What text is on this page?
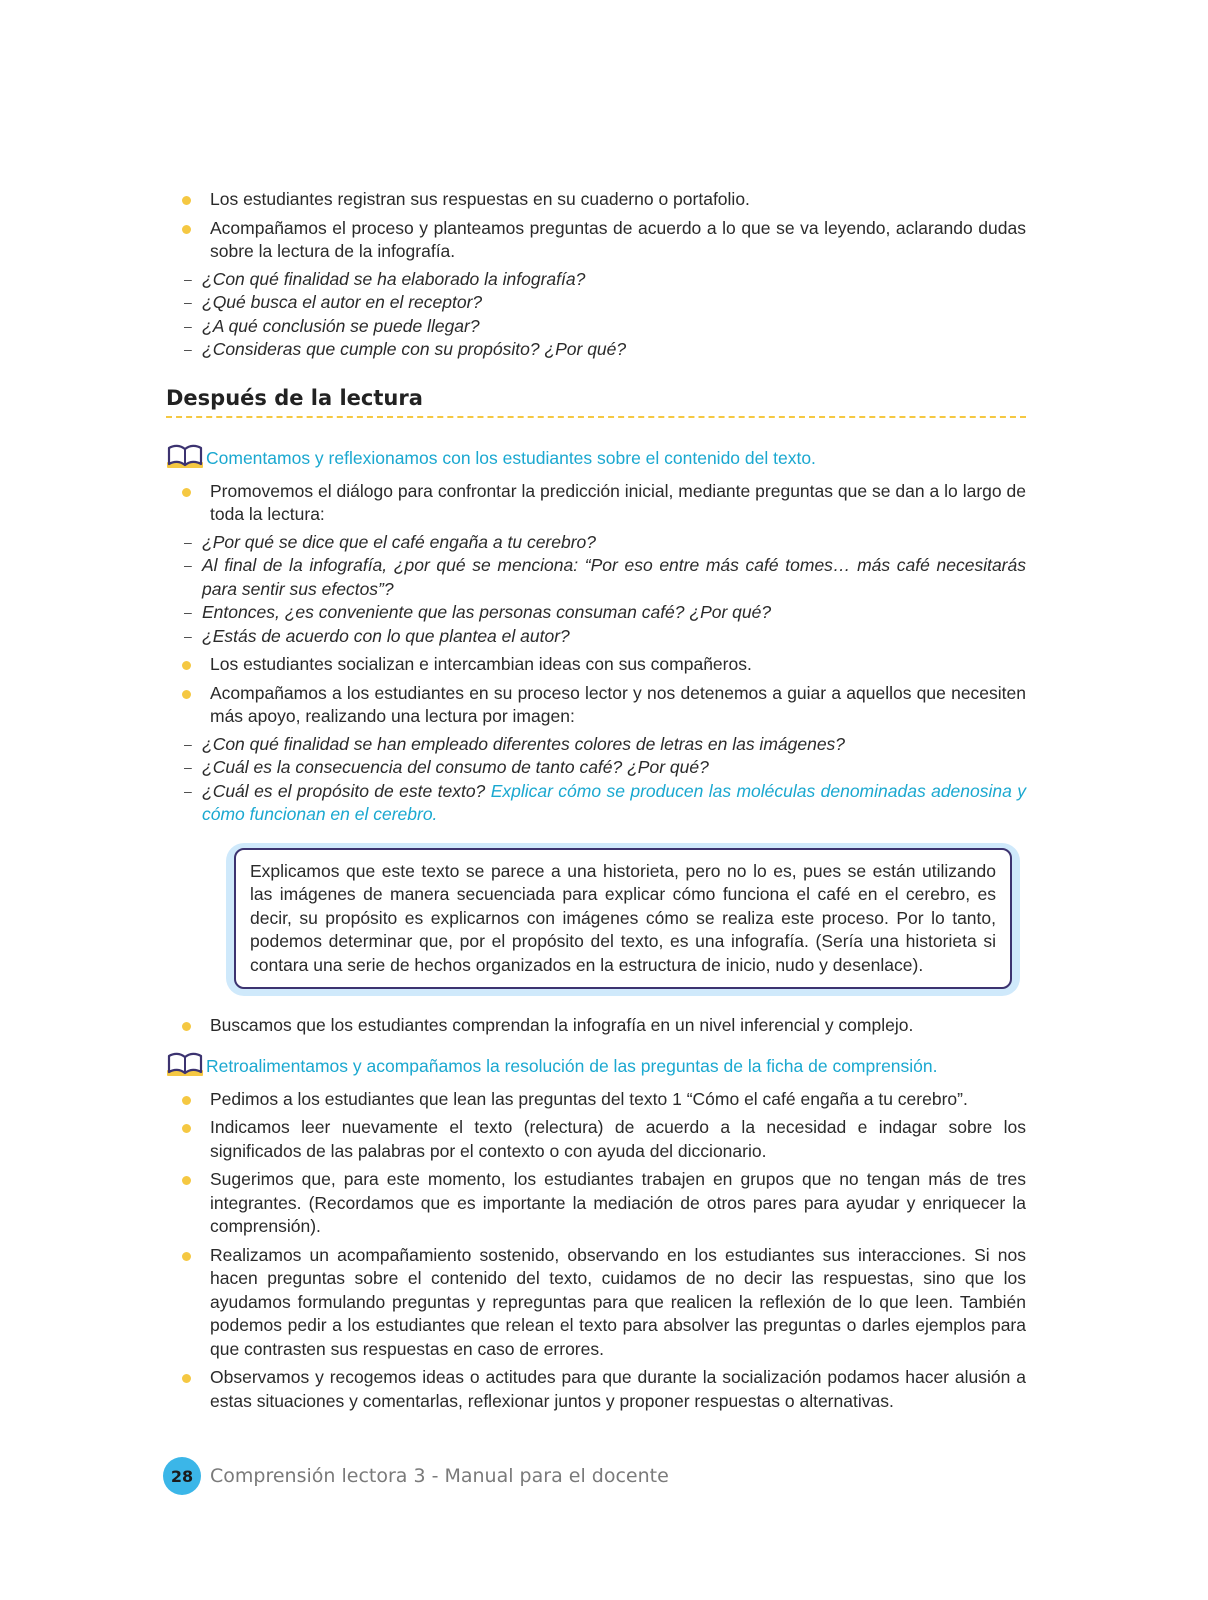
Los estudiantes registran sus respuestas en su cuaderno o portafolio.
Acompañamos el proceso y planteamos preguntas de acuerdo a lo que se va leyendo, aclarando dudas sobre la lectura de la infografía.
– ¿Con qué finalidad se ha elaborado la infografía?
– ¿Qué busca el autor en el receptor?
– ¿A qué conclusión se puede llegar?
– ¿Consideras que cumple con su propósito? ¿Por qué?
Después de la lectura
Comentamos y reflexionamos con los estudiantes sobre el contenido del texto.
Promovemos el diálogo para confrontar la predicción inicial, mediante preguntas que se dan a lo largo de toda la lectura:
– ¿Por qué se dice que el café engaña a tu cerebro?
– Al final de la infografía, ¿por qué se menciona: “Por eso entre más café tomes… más café necesitarás para sentir sus efectos”?
– Entonces, ¿es conveniente que las personas consuman café? ¿Por qué?
– ¿Estás de acuerdo con lo que plantea el autor?
Los estudiantes socializan e intercambian ideas con sus compañeros.
Acompañamos a los estudiantes en su proceso lector y nos detenemos a guiar a aquellos que necesiten más apoyo, realizando una lectura por imagen:
– ¿Con qué finalidad se han empleado diferentes colores de letras en las imágenes?
– ¿Cuál es la consecuencia del consumo de tanto café? ¿Por qué?
– ¿Cuál es el propósito de este texto? Explicar cómo se producen las moléculas denominadas adenosina y cómo funcionan en el cerebro.
Explicamos que este texto se parece a una historieta, pero no lo es, pues se están utilizando las imágenes de manera secuenciada para explicar cómo funciona el café en el cerebro, es decir, su propósito es explicarnos con imágenes cómo se realiza este proceso. Por lo tanto, podemos determinar que, por el propósito del texto, es una infografía. (Sería una historieta si contara una serie de hechos organizados en la estructura de inicio, nudo y desenlace).
Buscamos que los estudiantes comprendan la infografía en un nivel inferencial y complejo.
Retroalimentamos y acompañamos la resolución de las preguntas de la ficha de comprensión.
Pedimos a los estudiantes que lean las preguntas del texto 1 “Cómo el café engaña a tu cerebro”.
Indicamos leer nuevamente el texto (relectura) de acuerdo a la necesidad e indagar sobre los significados de las palabras por el contexto o con ayuda del diccionario.
Sugerimos que, para este momento, los estudiantes trabajen en grupos que no tengan más de tres integrantes. (Recordamos que es importante la mediación de otros pares para ayudar y enriquecer la comprensión).
Realizamos un acompañamiento sostenido, observando en los estudiantes sus interacciones. Si nos hacen preguntas sobre el contenido del texto, cuidamos de no decir las respuestas, sino que los ayudamos formulando preguntas y repreguntas para que realicen la reflexión de lo que leen. También podemos pedir a los estudiantes que relean el texto para absolver las preguntas o darles ejemplos para que contrasten sus respuestas en caso de errores.
Observamos y recogemos ideas o actitudes para que durante la socialización podamos hacer alusión a estas situaciones y comentarlas, reflexionar juntos y proponer respuestas o alternativas.
28 Comprensión lectora 3 - Manual para el docente
